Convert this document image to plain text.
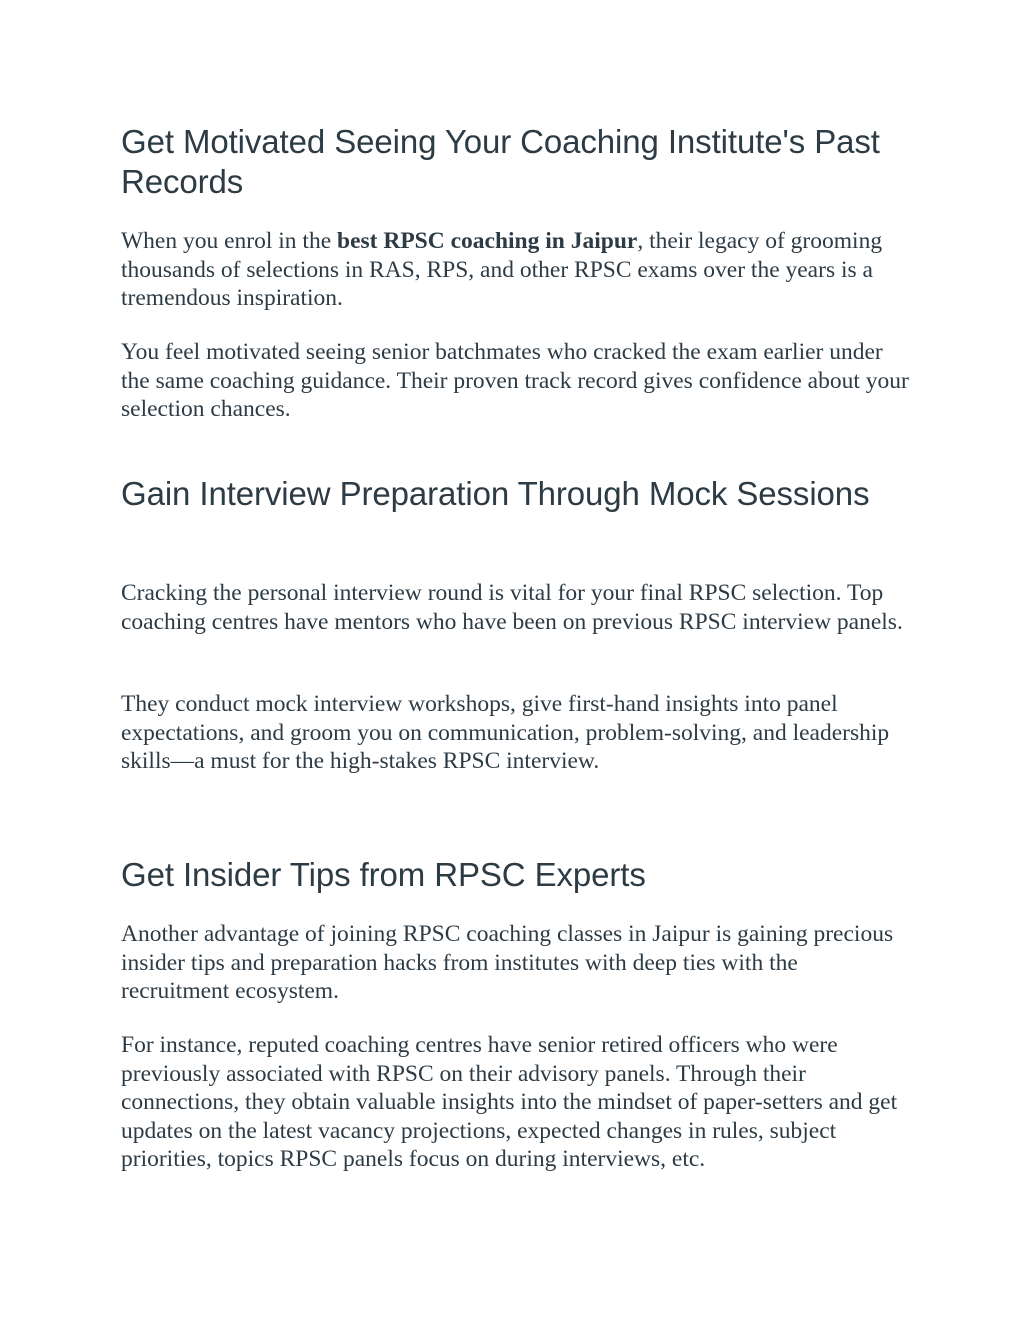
Get Motivated Seeing Your Coaching Institute's Past Records

When you enrol in the best RPSC coaching in Jaipur, their legacy of grooming thousands of selections in RAS, RPS, and other RPSC exams over the years is a tremendous inspiration.

You feel motivated seeing senior batchmates who cracked the exam earlier under the same coaching guidance. Their proven track record gives confidence about your selection chances.

Gain Interview Preparation Through Mock Sessions

Cracking the personal interview round is vital for your final RPSC selection. Top coaching centres have mentors who have been on previous RPSC interview panels.

They conduct mock interview workshops, give first-hand insights into panel expectations, and groom you on communication, problem-solving, and leadership skills—a must for the high-stakes RPSC interview.

Get Insider Tips from RPSC Experts

Another advantage of joining RPSC coaching classes in Jaipur is gaining precious insider tips and preparation hacks from institutes with deep ties with the recruitment ecosystem.

For instance, reputed coaching centres have senior retired officers who were previously associated with RPSC on their advisory panels. Through their connections, they obtain valuable insights into the mindset of paper-setters and get updates on the latest vacancy projections, expected changes in rules, subject priorities, topics RPSC panels focus on during interviews, etc.
